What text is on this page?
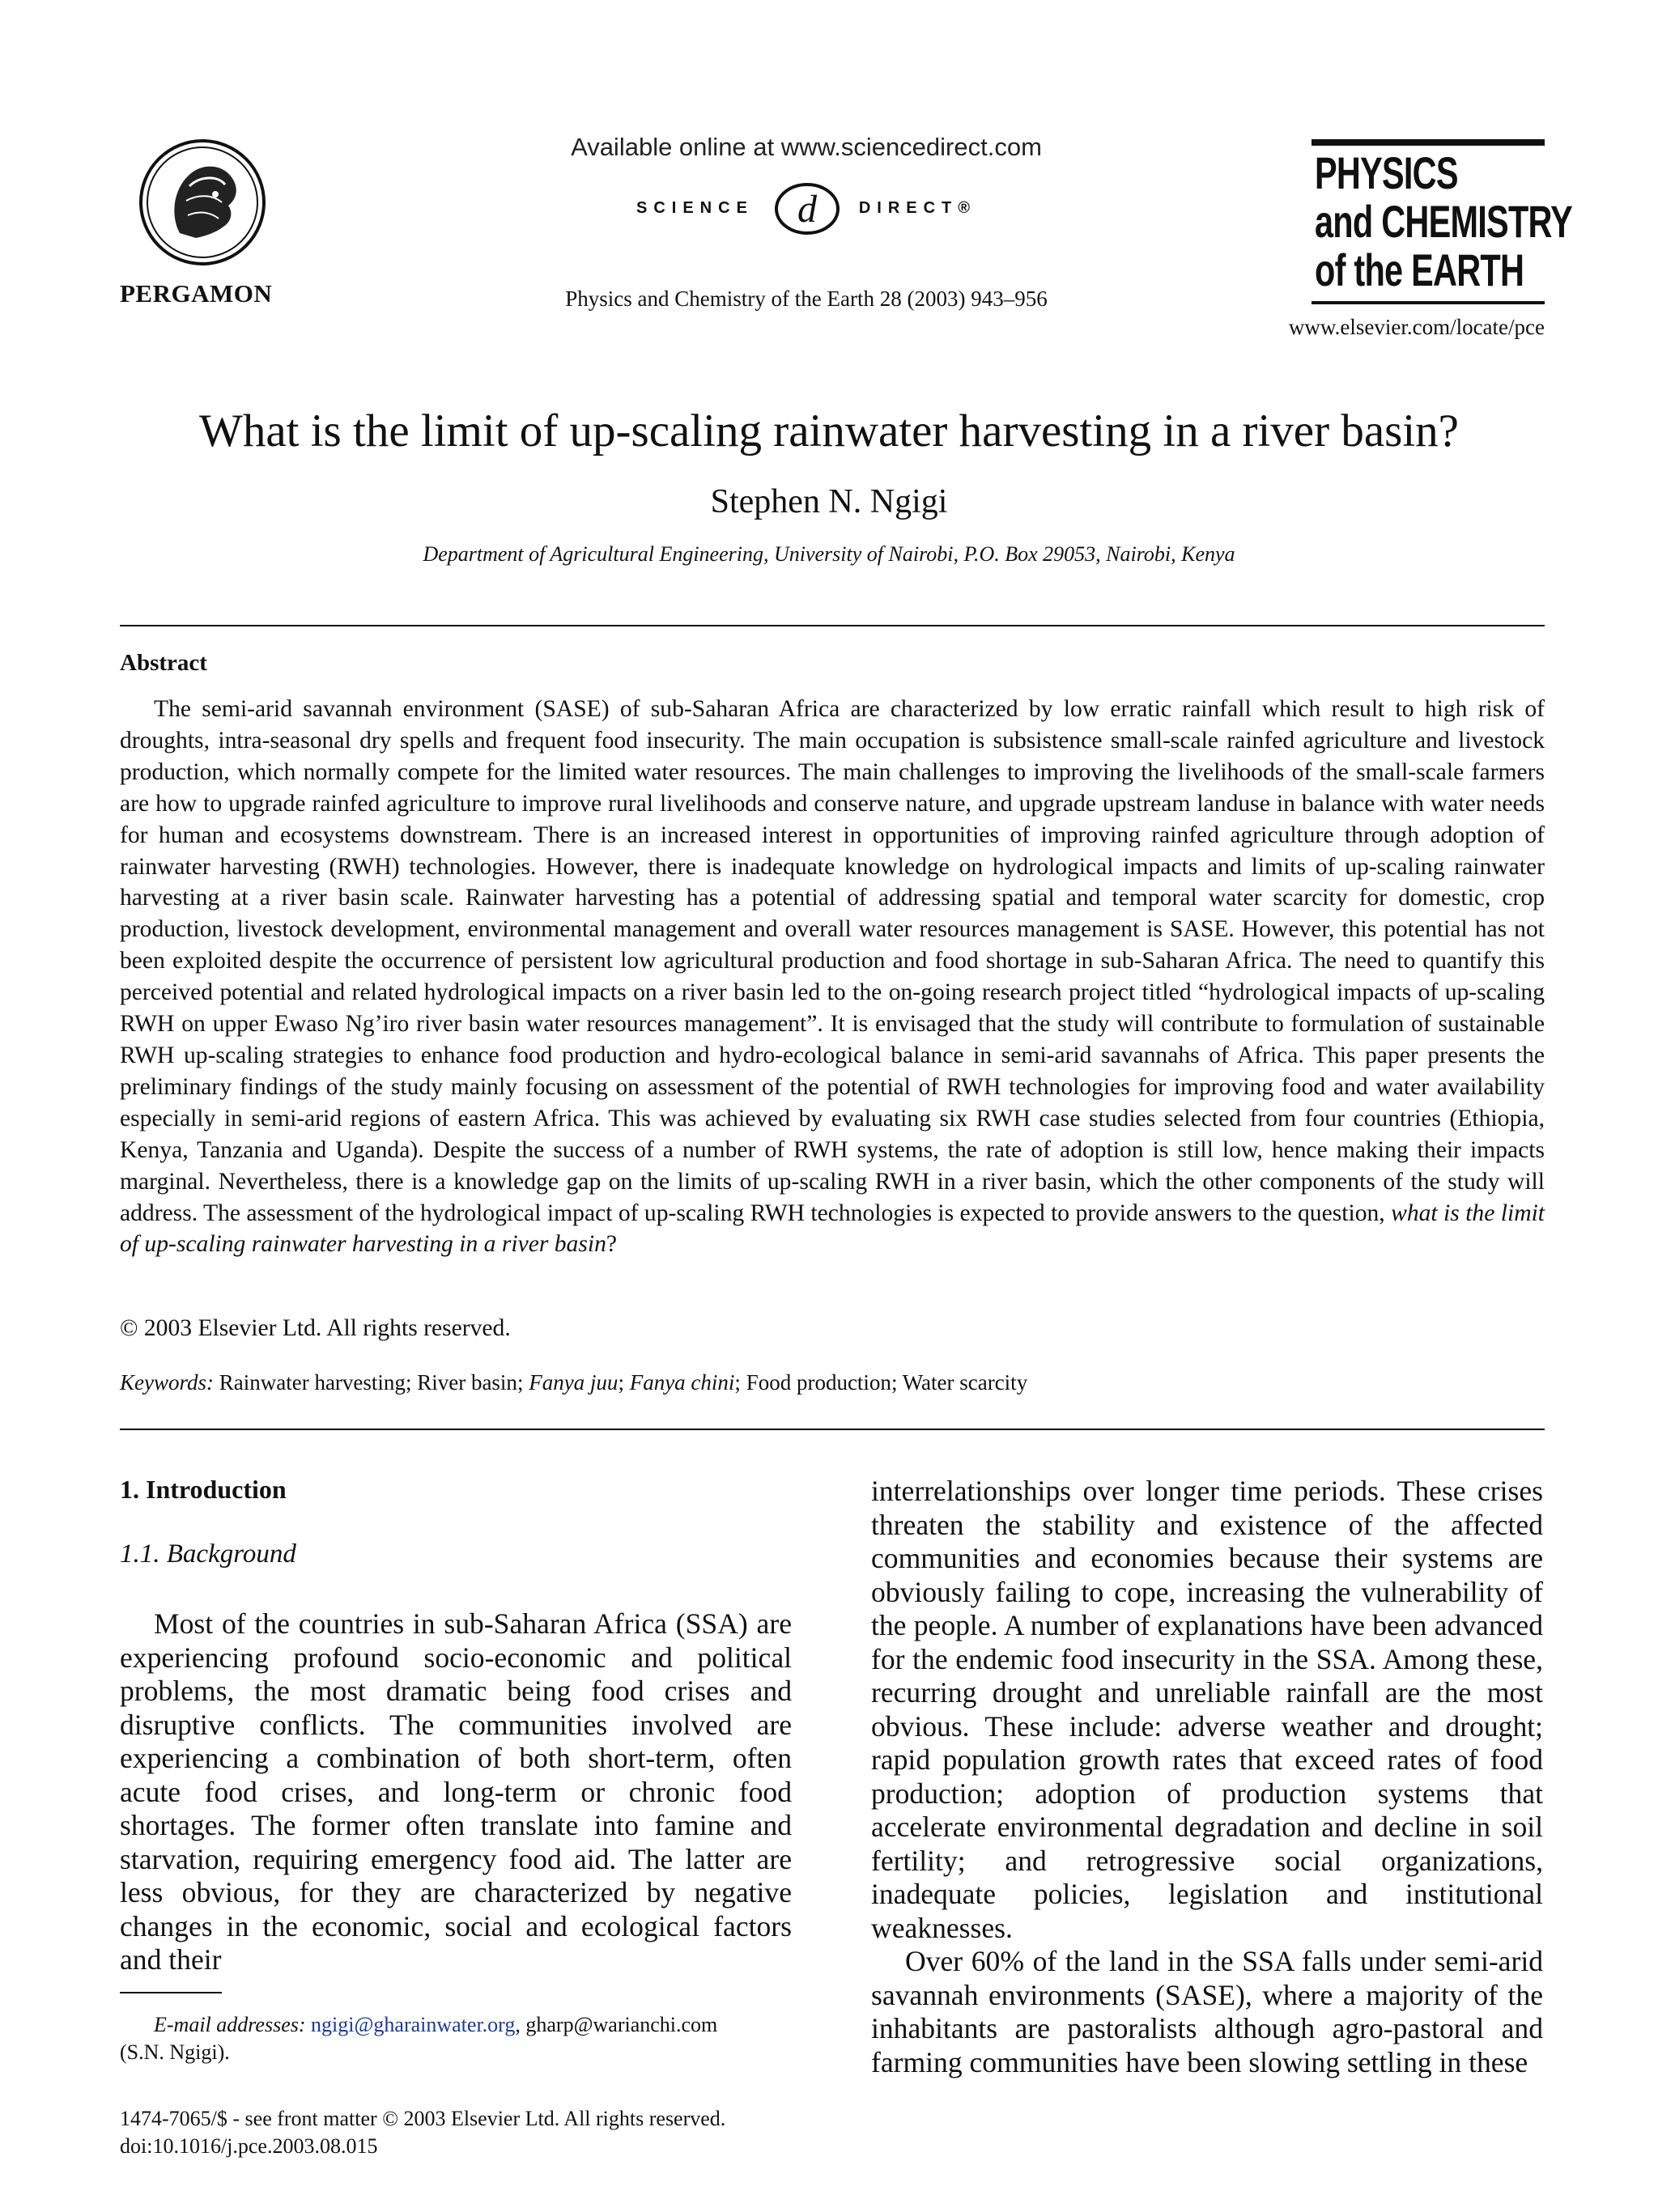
PERGAMON
Available online at www.sciencedirect.com
SCIENCE d	DIRECT®
Physics and Chemistry of the Earth 28 (2003) 943–956
PHYSICS
and CHEMISTRY
of the EARTH
www.elsevier.com/locate/pce
What is the limit of up-scaling rainwater harvesting in a river basin?
Stephen N. Ngigi
Department of Agricultural Engineering, University of Nairobi, P.O. Box 29053, Nairobi, Kenya
Abstract
The semi-arid savannah environment (SASE) of sub-Saharan Africa are characterized by low erratic rainfall which result to high risk of droughts, intra-seasonal dry spells and frequent food insecurity. The main occupation is subsistence small-scale rainfed agriculture and livestock production, which normally compete for the limited water resources. The main challenges to improving the livelihoods of the small-scale farmers are how to upgrade rainfed agriculture to improve rural livelihoods and conserve nature, and upgrade upstream landuse in balance with water needs for human and ecosystems downstream. There is an increased interest in opportunities of improving rainfed agriculture through adoption of rainwater harvesting (RWH) technologies. However, there is inadequate knowledge on hydrological impacts and limits of up-scaling rainwater harvesting at a river basin scale. Rainwater harvesting has a potential of addressing spatial and temporal water scarcity for domestic, crop production, livestock development, environmental management and overall water resources management is SASE. However, this potential has not been exploited despite the occurrence of persistent low agricultural production and food shortage in sub-Saharan Africa. The need to quantify this perceived potential and related hydrological impacts on a river basin led to the on-going research project titled “hydrological impacts of up-scaling RWH on upper Ewaso Ng’iro river basin water resources management”. It is envisaged that the study will contribute to formulation of sustainable RWH up-scaling strategies to enhance food production and hydro-ecological balance in semi-arid savannahs of Africa. This paper presents the preliminary findings of the study mainly focusing on assessment of the potential of RWH technologies for improving food and water availability especially in semi-arid regions of eastern Africa. This was achieved by evaluating six RWH case studies selected from four countries (Ethiopia, Kenya, Tanzania and Uganda). Despite the success of a number of RWH systems, the rate of adoption is still low, hence making their impacts marginal. Nevertheless, there is a knowledge gap on the limits of up-scaling RWH in a river basin, which the other components of the study will address. The assessment of the hydrological impact of up-scaling RWH technologies is expected to provide answers to the question, what is the limit of up-scaling rainwater harvesting in a river basin?
© 2003 Elsevier Ltd. All rights reserved.
Keywords: Rainwater harvesting; River basin; Fanya juu; Fanya chini; Food production; Water scarcity
1. Introduction
1.1. Background
Most of the countries in sub-Saharan Africa (SSA) are experiencing profound socio-economic and political problems, the most dramatic being food crises and disruptive conflicts. The communities involved are experiencing a combination of both short-term, often acute food crises, and long-term or chronic food shortages. The former often translate into famine and starvation, requiring emergency food aid. The latter are less obvious, for they are characterized by negative changes in the economic, social and ecological factors and their

interrelationships over longer time periods. These crises threaten the stability and existence of the affected communities and economies because their systems are obviously failing to cope, increasing the vulnerability of the people. A number of explanations have been advanced for the endemic food insecurity in the SSA. Among these, recurring drought and unreliable rainfall are the most obvious. These include: adverse weather and drought; rapid population growth rates that exceed rates of food production; adoption of production systems that accelerate environmental degradation and decline in soil fertility; and retrogressive social organizations, inadequate policies, legislation and institutional weaknesses.

Over 60% of the land in the SSA falls under semi-arid savannah environments (SASE), where a majority of the inhabitants are pastoralists although agro-pastoral and farming communities have been slowing settling in these

E-mail addresses: ngigi@gharainwater.org, gharp@warianchi.com
(S.N. Ngigi).
1474-7065/$ - see front matter © 2003 Elsevier Ltd. All rights reserved.
doi:10.1016/j.pce.2003.08.015
